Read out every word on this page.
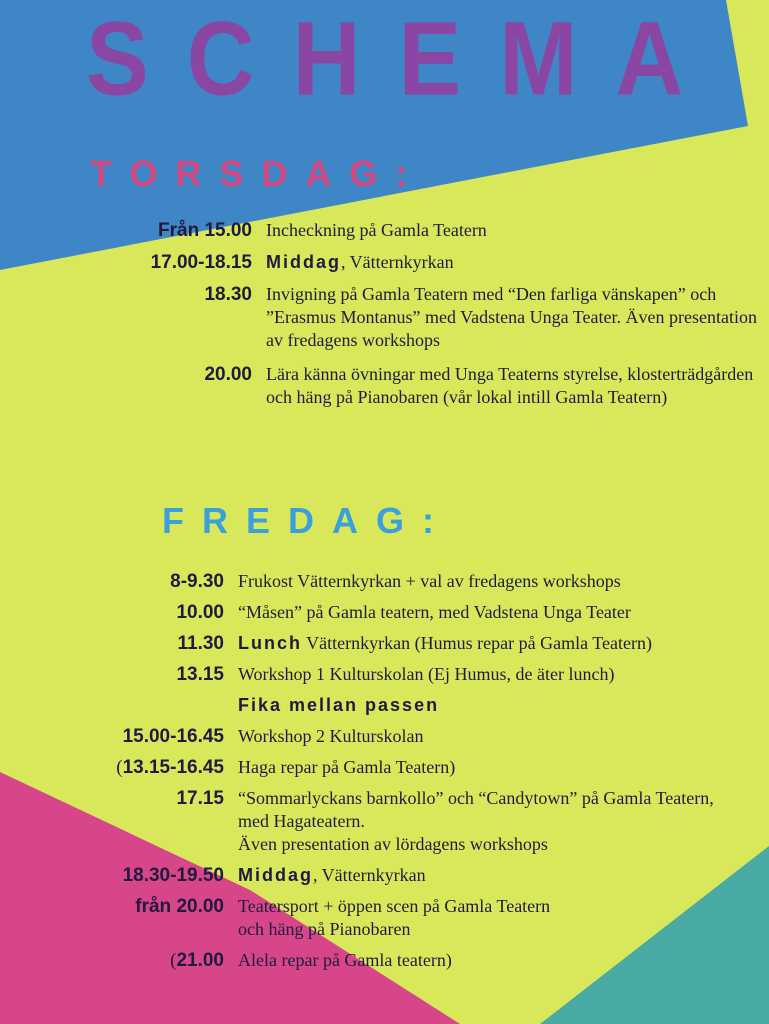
SCHEMA
TORSDAG:
Från 15.00 Incheckning på Gamla Teatern
17.00-18.15 Middag, Vätternkyrkan
18.30 Invigning på Gamla Teatern med “Den farliga vänskapen” och ”Erasmus Montanus” med Vadstena Unga Teater. Även presentation av fredagens workshops
20.00 Lära känna övningar med Unga Teaterns styrelse, klosterträdgården och häng på Pianobaren (vår lokal intill Gamla Teatern)
FREDAG:
8-9.30 Frukost Vätternkyrkan + val av fredagens workshops
10.00 “Måsen” på Gamla teatern, med Vadstena Unga Teater
11.30 Lunch Vätternkyrkan (Humus repar på Gamla Teatern)
13.15 Workshop 1 Kulturskolan (Ej Humus, de äter lunch)
Fika mellan passen
15.00-16.45 Workshop 2 Kulturskolan
(13.15-16.45 Haga repar på Gamla Teatern)
17.15 “Sommarlyckans barnkollo” och “Candytown” på Gamla Teatern, med Hagateatern.
Även presentation av lördagens workshops
18.30-19.50 Middag, Vätternkyrkan
från 20.00 Teatersport + öppen scen på Gamla Teatern
och häng på Pianobaren
(21.00 Alela repar på Gamla teatern)
